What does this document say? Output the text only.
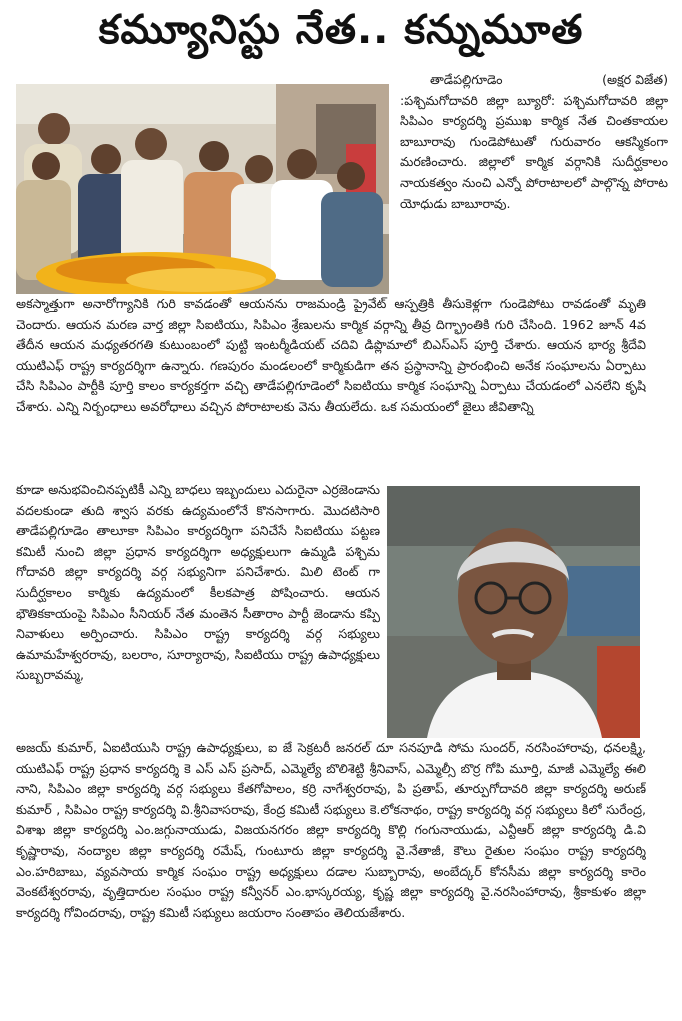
కమ్యూనిస్టు నేత.. కన్నుమూత
తాడేపల్లిగూడెం	(అక్షర విజేత)

:పశ్చిమగోదావరి జిల్లా బ్యూరో: పశ్చిమగోదావరి జిల్లా సిపిఎం కార్యదర్శి ప్రముఖ కార్మిక నేత చింతకాయల బాబూరావు గుండెపోటుతో గురువారం ఆకస్మికంగా మరణించారు. జిల్లాలో కార్మిక వర్గానికి సుదీర్ఘకాలం నాయకత్వం నుంచి ఎన్నో పోరాటాలలో పాల్గొన్న పోరాట యోధుడు బాబూరావు.

అకస్మాత్తుగా అనారోగ్యానికి గురి కావడంతో ఆయనను రాజమండ్రి ప్రైవేట్ ఆస్పత్రికి తీసుకెళ్లగా గుండెపోటు రావడంతో మృతి చెందారు. ఆయన మరణ వార్త జిల్లా సిఐటియు, సిపిఎం శ్రేణులను కార్మిక వర్గాన్ని తీవ్ర దిగ్భ్రాంతికి గురి చేసింది. 1962 జూన్ 4వ తేదీన ఆయన మధ్యతరగతి కుటుంబంలో పుట్టి ఇంటర్మీడియట్ చదివి డిప్లొమాలో బిఎస్ఎస్ పూర్తి చేశారు. ఆయన భార్య శ్రీదేవి యుటిఎఫ్ రాష్ట్ర కార్యదర్శిగా ఉన్నారు. గణపురం మండలంలో కార్మికుడిగా తన ప్రస్థానాన్ని ప్రారంభించి అనేక సంఘాలను ఏర్పాటు చేసి సిపిఎం పార్టీకి పూర్తి కాలం కార్యకర్తగా వచ్చి తాడేపల్లిగూడెంలో సిఐటియు కార్మిక సంఘాన్ని ఏర్పాటు చేయడంలో ఎనలేని కృషి చేశారు. ఎన్ని నిర్బంధాలు అవరోధాలు వచ్చిన పోరాటాలకు వెను తీయలేదు. ఒక సమయంలో జైలు జీవితాన్ని

కూడా అనుభవించినప్పటికీ ఎన్ని బాధలు ఇబ్బందులు ఎదురైనా ఎర్రజెండాను వదలకుండా తుది శ్వాస వరకు ఉద్యమంలోనే కొనసాగారు. మొదటిసారి తాడేపల్లిగూడెం తాలూకా సిపిఎం కార్యదర్శిగా పనిచేసే సిఐటియు పట్టణ కమిటీ నుంచి జిల్లా ప్రధాన కార్యదర్శిగా అధ్యక్షులుగా ఉమ్మడి పశ్చిమ గోదావరి జిల్లా కార్యదర్శి వర్గ సభ్యునిగా పనిచేశారు. మిలి టెంట్ గా సుదీర్ఘకాలం కార్మికు ఉద్యమంలో కీలకపాత్ర పోషించారు. ఆయన భౌతికకాయంపై సిపిఎం సీనియర్ నేత మంతెన సీతారాం పార్టీ జెండాను కప్పి నివాళులు అర్పించారు. సిపిఎం రాష్ట్ర కార్యదర్శి వర్గ సభ్యులు ఉమామహేశ్వరరావు, బలరాం, సూర్యారావు, సిఐటియు రాష్ట్ర ఉపాధ్యక్షులు సుబ్బరావమ్మ,

అజయ్ కుమార్, ఏఐటియుసి రాష్ట్ర ఉపాధ్యక్షులు, ఐ జే సెక్రటరీ జనరల్ దూ సనపూడి సోమ సుందర్, నరసింహారావు, ధనలక్ష్మి, యుటిఎఫ్ రాష్ట్ర ప్రధాన కార్యదర్శి కె ఎస్ ఎస్ ప్రసాద్, ఎమ్మెల్యే బొలిశెట్టి శ్రీనివాస్, ఎమ్మెల్సీ బొర్ర గోపి మూర్తి, మాజీ ఎమ్మెల్యే ఈలి నాని, సిపిఎం జిల్లా కార్యదర్శి వర్గ సభ్యులు కేతగోపాలం, కర్రి నాగేశ్వరరావు, పి ప్రతాప్, తూర్పుగోదావరి జిల్లా కార్యదర్శి అరుణ్ కుమార్ , సిపిఎం రాష్ట్ర కార్యదర్శి వి.శ్రీనివాసరావు, కేంద్ర కమిటీ సభ్యులు కె.లోకనాథం, రాష్ట్ర కార్యదర్శి వర్గ సభ్యులు కిలో సురేంద్ర, విశాఖ జిల్లా కార్యదర్శి ఎం.జగ్గునాయుడు, విజయనగరం జిల్లా కార్యదర్శి కొల్లి గంగునాయుడు, ఎన్టీఆర్ జిల్లా కార్యదర్శి డి.వి కృష్ణారావు, నంద్యాల జిల్లా కార్యదర్శి రమేష్, గుంటూరు జిల్లా కార్యదర్శి వై.నేతాజీ, కౌలు రైతుల సంఘం రాష్ట్ర కార్యదర్శి ఎం.హరిబాబు, వ్యవసాయ కార్మిక సంఘం రాష్ట్ర అధ్యక్షులు దడాల సుబ్బారావు, అంబేద్కర్ కోనసీమ జిల్లా కార్యదర్శి కారెం వెంకటేశ్వరరావు, వృత్తిదారుల సంఘం రాష్ట్ర కన్వీనర్ ఎం.భాస్కరయ్య, కృష్ణ జిల్లా కార్యదర్శి వై.నరసింహారావు, శ్రీకాకుళం జిల్లా కార్యదర్శి గోవిందరావు, రాష్ట్ర కమిటీ సభ్యులు జయరాం సంతాపం తెలియజేశారు.
